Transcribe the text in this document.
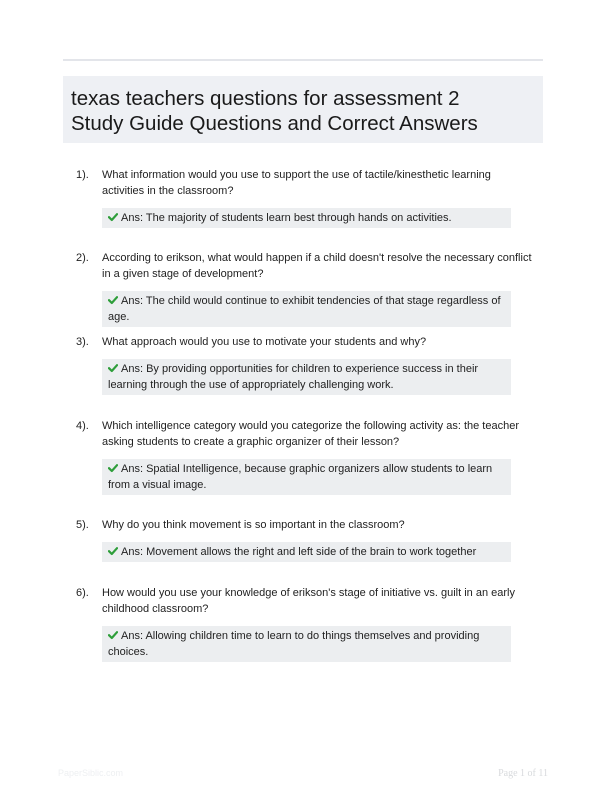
texas teachers questions for assessment 2
Study Guide Questions and Correct Answers
1). What information would you use to support the use of tactile/kinesthetic learning activities in the classroom?
Ans: The majority of students learn best through hands on activities.
2). According to erikson, what would happen if a child doesn't resolve the necessary conflict in a given stage of development?
Ans: The child would continue to exhibit tendencies of that stage regardless of age.
3). What approach would you use to motivate your students and why?
Ans: By providing opportunities for children to experience success in their learning through the use of appropriately challenging work.
4). Which intelligence category would you categorize the following activity as: the teacher asking students to create a graphic organizer of their lesson?
Ans: Spatial Intelligence, because graphic organizers allow students to learn from a visual image.
5). Why do you think movement is so important in the classroom?
Ans: Movement allows the right and left side of the brain to work together
6). How would you use your knowledge of erikson's stage of initiative vs. guilt in an early childhood classroom?
Ans: Allowing children time to learn to do things themselves and providing choices.
PaperSiblic.com	Page 1 of 11
